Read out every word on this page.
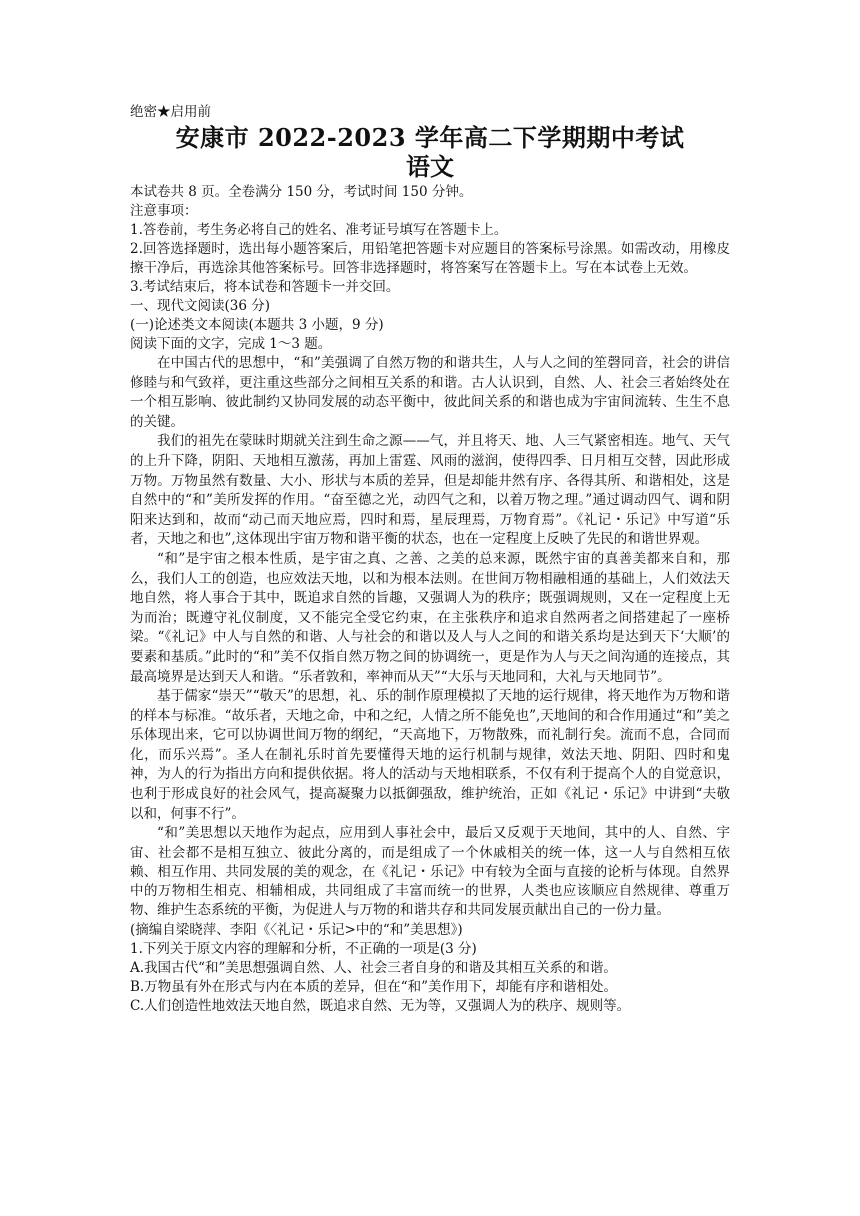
绝密★启用前

安康市 2022-2023 学年高二下学期期中考试
语文

本试卷共 8 页。全卷满分 150 分，考试时间 150 分钟。

注意事项：

1.答卷前，考生务必将自己的姓名、准考证号填写在答题卡上。

2.回答选择题时，选出每小题答案后，用铅笔把答题卡对应题目的答案标号涂黑。如需改动，用橡皮擦干净后，再选涂其他答案标号。回答非选择题时，将答案写在答题卡上。写在本试卷上无效。

3.考试结束后，将本试卷和答题卡一并交回。

一、现代文阅读(36 分)

(一)论述类文本阅读(本题共 3 小题，9 分)

阅读下面的文字，完成 1～3 题。

在中国古代的思想中，“和”美强调了自然万物的和谐共生，人与人之间的笙磬同音，社会的讲信修睦与和气致祥，更注重这些部分之间相互关系的和谐。古人认识到，自然、人、社会三者始终处在一个相互影响、彼此制约又协同发展的动态平衡中，彼此间关系的和谐也成为宇宙间流转、生生不息的关键。

我们的祖先在蒙昧时期就关注到生命之源——气，并且将天、地、人三气紧密相连。地气、天气的上升下降，阴阳、天地相互激荡，再加上雷霆、风雨的滋润，使得四季、日月相互交替，因此形成万物。万物虽然有数量、大小、形状与本质的差异，但是却能井然有序、各得其所、和谐相处，这是自然中的“和”美所发挥的作用。“奋至德之光，动四气之和，以着万物之理。”通过调动四气、调和阴阳来达到和，故而“动己而天地应焉，四时和焉，星辰理焉，万物育焉”。《礼记・乐记》中写道“乐者，天地之和也”,这体现出宇宙万物和谐平衡的状态，也在一定程度上反映了先民的和谐世界观。

“和”是宇宙之根本性质，是宇宙之真、之善、之美的总来源，既然宇宙的真善美都来自和，那么，我们人工的创造，也应效法天地，以和为根本法则。在世间万物相融相通的基础上，人们效法天地自然，将人事合于其中，既追求自然的旨趣，又强调人为的秩序；既强调规则，又在一定程度上无为而治；既遵守礼仪制度，又不能完全受它约束，在主张秩序和追求自然两者之间搭建起了一座桥梁。“《礼记》中人与自然的和谐、人与社会的和谐以及人与人之间的和谐关系均是达到天下‘大顺’的要素和基质。”此时的“和”美不仅指自然万物之间的协调统一，更是作为人与天之间沟通的连接点，其最高境界是达到天人和谐。“乐者敦和，率神而从天”“大乐与天地同和，大礼与天地同节”。

基于儒家“崇天”“敬天”的思想，礼、乐的制作原理模拟了天地的运行规律，将天地作为万物和谐的样本与标准。“故乐者，天地之命，中和之纪，人情之所不能免也”,天地间的和合作用通过“和”美之乐体现出来，它可以协调世间万物的纲纪，“天高地下，万物散殊，而礼制行矣。流而不息，合同而化，而乐兴焉”。圣人在制礼乐时首先要懂得天地的运行机制与规律，效法天地、阴阳、四时和鬼神，为人的行为指出方向和提供依据。将人的活动与天地相联系，不仅有利于提高个人的自觉意识，也利于形成良好的社会风气，提高凝聚力以抵御强敌，维护统治，正如《礼记・乐记》中讲到“夫敬以和，何事不行”。

“和”美思想以天地作为起点，应用到人事社会中，最后又反观于天地间，其中的人、自然、宇宙、社会都不是相互独立、彼此分离的，而是组成了一个休戚相关的统一体，这一人与自然相互依赖、相互作用、共同发展的美的观念，在《礼记・乐记》中有较为全面与直接的论析与体现。自然界中的万物相生相克、相辅相成，共同组成了丰富而统一的世界，人类也应该顺应自然规律、尊重万物、维护生态系统的平衡，为促进人与万物的和谐共存和共同发展贡献出自己的一份力量。

(摘编自梁晓萍、李阳《〈礼记・乐记>中的“和”美思想》)

1.下列关于原文内容的理解和分析，不正确的一项是(3 分)

A.我国古代“和”美思想强调自然、人、社会三者自身的和谐及其相互关系的和谐。

B.万物虽有外在形式与内在本质的差异，但在“和”美作用下，却能有序和谐相处。

C.人们创造性地效法天地自然，既追求自然、无为等，又强调人为的秩序、规则等。
